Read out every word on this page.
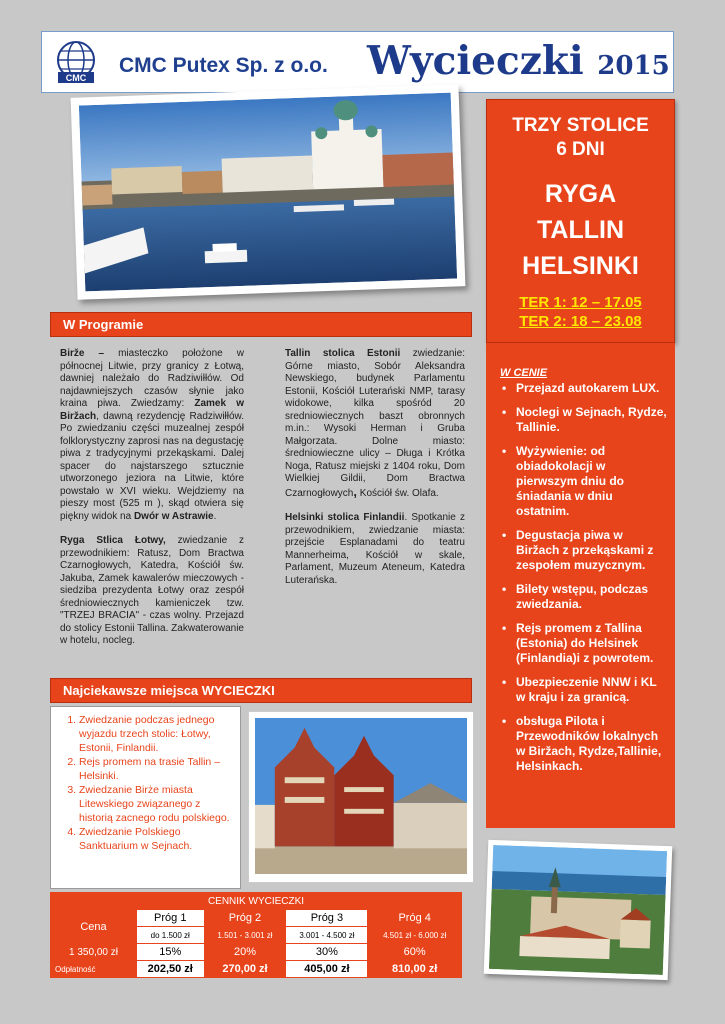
CMC
CMC Putex Sp. z o.o. Wycieczki 2015
TRZY STOLICE
6 DNI
RYGA
TALLIN
HELSINKI
TER 1: 12 – 17.05
TER 2: 18 – 23.08
W CENIE
• Przejazd autokarem LUX.
• Noclegi w Sejnach, Rydze, Tallinie.
• Wyżywienie: od obiadokolacji w pierwszym dniu do śniadania w dniu ostatnim.
• Degustacja piwa w Biržach z przekąskami z zespołem muzycznym.
• Bilety wstępu, podczas zwiedzania.
• Rejs promem z Tallina (Estonia) do Helsinek (Finlandia)i z powrotem.
• Ubezpieczenie NNW i KL w kraju i za granicą.
• obsługa Pilota i Przewodników lokalnych w Biržach, Rydze,Tallinie, Helsinkach.
W Programie

Birže – miasteczko położone w północnej Litwie, przy granicy z Łotwą, dawniej należało do Radziwiłłów. Od najdawniejszych czasów słynie jako kraina piwa. Zwiedzamy: Zamek w Biržach, dawną rezydencję Radziwiłłów. Po zwiedzaniu części muzealnej zespół folklorystyczny zaprosi nas na degustację piwa z tradycyjnymi przekąskami. Dalej spacer do najstarszego sztucznie utworzonego jeziora na Litwie, które powstało w XVI wieku. Wejdziemy na pieszy most (525 m ), skąd otwiera się piękny widok na Dwór w Astrawie.

Ryga Stlica Łotwy, zwiedzanie z przewodnikiem: Ratusz, Dom Bractwa Czarnogłowych, Katedra, Kościół św. Jakuba, Zamek kawalerów mieczowych - siedziba prezydenta Łotwy oraz zespół średniowiecznych kamieniczek tzw. "TRZEJ BRACIA" - czas wolny. Przejazd do stolicy Estonii Tallina. Zakwaterowanie w hotelu, nocleg.

Tallin stolica Estonii zwiedzanie: Górne miasto, Sobór Aleksandra Newskiego, budynek Parlamentu Estonii, Kościół Luterański NMP, tarasy widokowe, kilka spośród 20 sredniowiecznych baszt obronnych m.in.: Wysoki Herman i Gruba Małgorzata. Dolne miasto: średniowieczne ulicy – Długa i Krótka Noga, Ratusz miejski z 1404 roku, Dom Wielkiej Gildii, Dom Bractwa Czarnogłowych, Kościół św. Olafa.

Helsinki stolica Finlandii. Spotkanie z przewodnikiem, zwiedzanie miasta: przejście Esplanadami do teatru Mannerheima, Kościół w skale, Parlament, Muzeum Ateneum, Katedra Luterańska.

Najciekawsze miejsca WYCIECZKI
1. Zwiedzanie podczas jednego wyjazdu trzech stolic: Łotwy, Estonii, Finlandii.
2. Rejs promem na trasie Tallin – Helsinki.
3. Zwiedzanie Birże miasta Litewskiego związanego z historią zacnego rodu polskiego.
4. Zwiedzanie Polskiego Sanktuarium w Sejnach.
CENNIK WYCIECZKI				
Cena	Próg 1	Próg 2	Próg 3	Próg 4
	do 1.500 zł	1.501 - 3.001 zł	3.001 - 4.500 zł	4.501 zł - 6.000 zł
1 350,00 zł	15%	20%	30%	60%
Odpłatność	202,50 zł	270,00 zł	405,00 zł	810,00 zł
